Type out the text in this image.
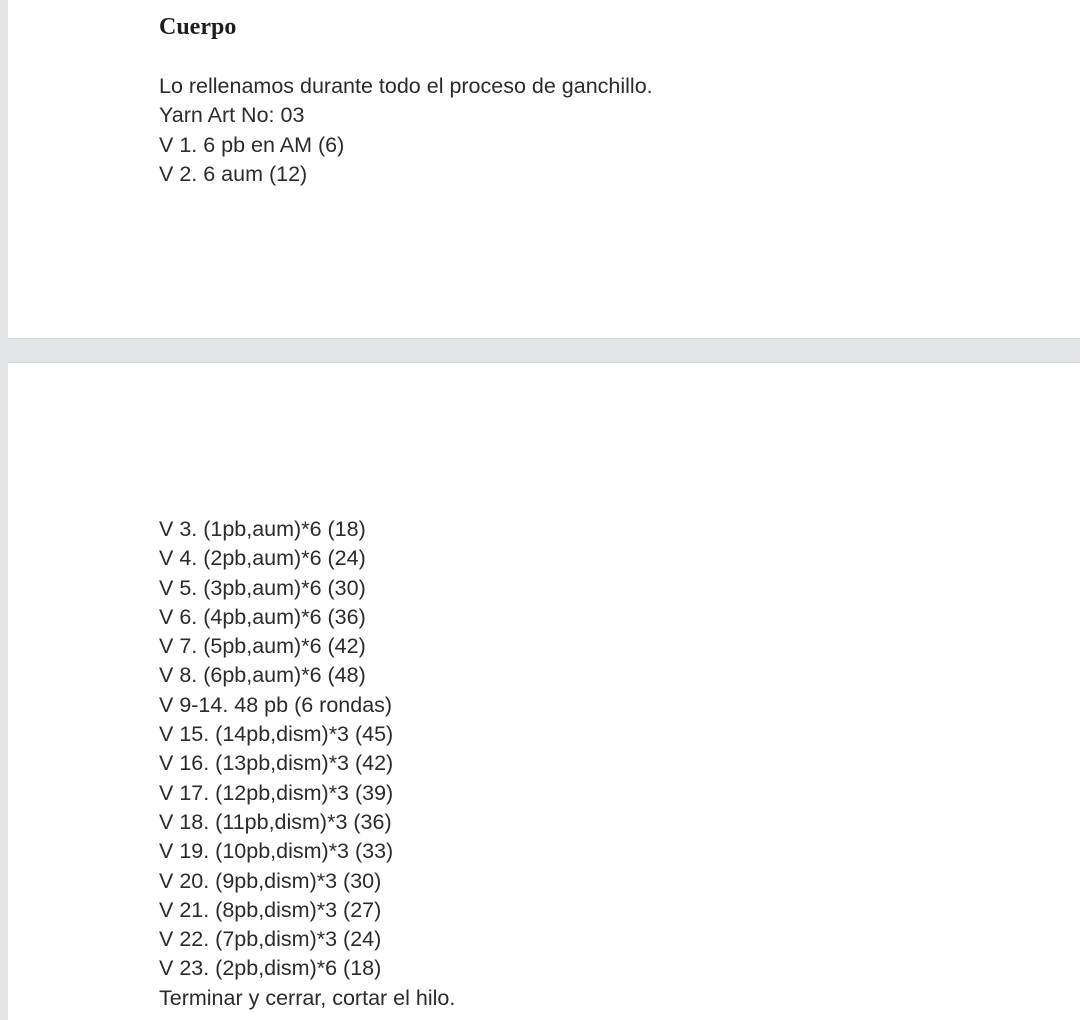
Cuerpo
Lo rellenamos durante todo el proceso de ganchillo.
Yarn Art No: 03
V 1. 6 pb en AM (6)
V 2. 6 aum (12)
V 3. (1pb,aum)*6 (18)
V 4. (2pb,aum)*6 (24)
V 5. (3pb,aum)*6 (30)
V 6. (4pb,aum)*6 (36)
V 7. (5pb,aum)*6 (42)
V 8. (6pb,aum)*6 (48)
V 9-14. 48 pb (6 rondas)
V 15. (14pb,dism)*3 (45)
V 16. (13pb,dism)*3 (42)
V 17. (12pb,dism)*3 (39)
V 18. (11pb,dism)*3 (36)
V 19. (10pb,dism)*3 (33)
V 20. (9pb,dism)*3 (30)
V 21. (8pb,dism)*3 (27)
V 22. (7pb,dism)*3 (24)
V 23. (2pb,dism)*6 (18)
Terminar y cerrar, cortar el hilo.
